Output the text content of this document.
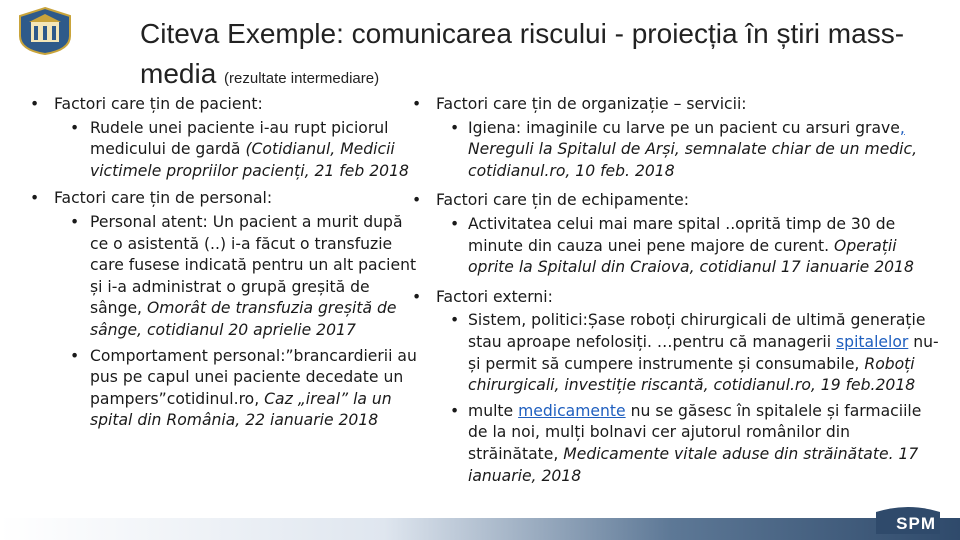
Citeva Exemple: comunicarea riscului - proiecția în știri mass-media (rezultate intermediare)
• Factori care țin de pacient:
• Rudele unei paciente i-au rupt piciorul medicului de gardă (Cotidianul, Medicii victimele propriilor pacienți, 21 feb 2018
• Factori care țin de personal:
• Personal atent: Un pacient a murit după ce o asistentă (..) i-a făcut o transfuzie care fusese indicată pentru un alt pacient și i-a administrat o grupă greșită de sânge, Omorât de transfuzia greșită de sânge, cotidianul 20 aprielie 2017
• Comportament personal:”brancardierii au pus pe capul unei paciente decedate un pampers”cotidinul.ro, Caz „ireal” la un spital din România, 22 ianuarie 2018
• Factori care țin de organizație – servicii:
• Igiena: imaginile cu larve pe un pacient cu arsuri grave, Nereguli la Spitalul de Arși, semnalate chiar de un medic, cotidianul.ro, 10 feb. 2018
• Factori care țin de echipamente:
• Activitatea celui mai mare spital ..oprită timp de 30 de minute din cauza unei pene majore de curent. Operații oprite la Spitalul din Craiova, cotidianul 17 ianuarie 2018
• Factori externi:
• Sistem, politici:Șase roboți chirurgicali de ultimă generație stau aproape nefolosiți. …pentru că managerii spitalelor nu-și permit să cumpere instrumente și consumabile, Roboți chirurgicali, investiție riscantă, cotidianul.ro, 19 feb.2018
• multe medicamente nu se găsesc în spitalele și farmaciile de la noi, mulți bolnavi cer ajutorul românilor din străinătate, Medicamente vitale aduse din străinătate. 17 ianuarie, 2018
SPM
